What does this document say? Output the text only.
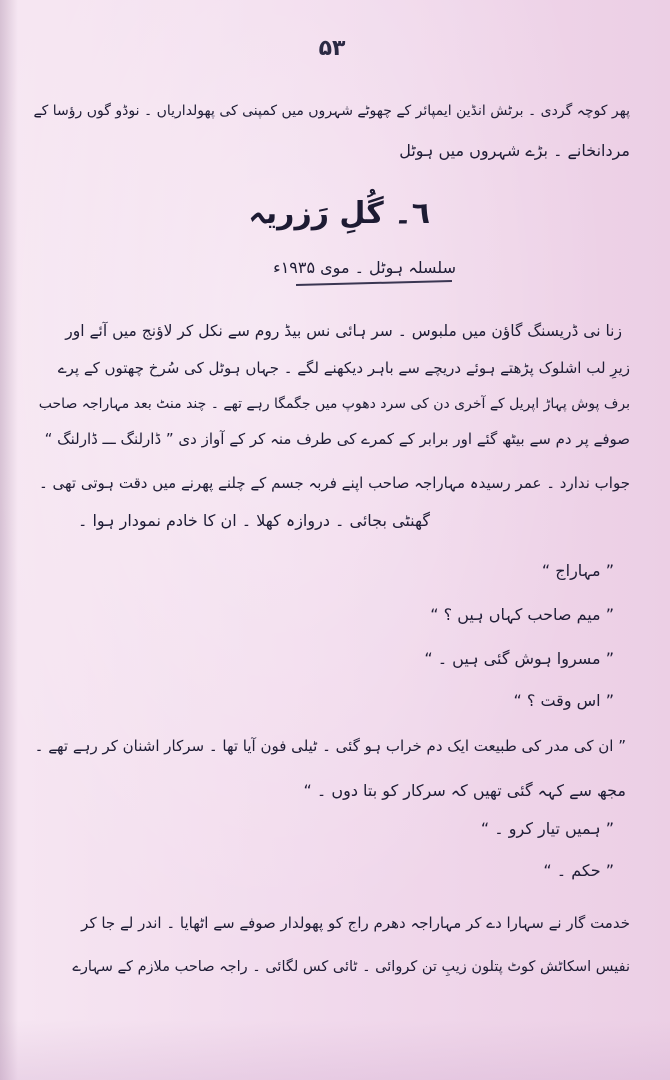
۵۳
پھر کوچہ گردی ۔ برٹش انڈین ایمپائر کے چھوٹے شہروں میں کمپنی کی پھولداریاں ۔ نوڈو گوں رؤسا کے
مردانخانے ۔ بڑے شہروں میں ہوٹل
٦۔ گُلِ رَزریہ
سلسلہ ہوٹل ۔ موی ۱۹۳۵ء
زنا نی ڈریسنگ گاؤن میں ملبوس ۔ سر ہائی نس بیڈ روم سے نکل کر لاؤنج میں آئے اور
زیرِ لب اشلوک پڑھتے ہوئے دریچے سے باہر دیکھنے لگے ۔ جہاں ہوٹل کی سُرخ چھتوں کے پرے
برف پوش پہاڑ اپریل کے آخری دن کی سرد دھوپ میں جگمگا رہے تھے ۔ چند منٹ بعد مہاراجہ صاحب
صوفے پر دم سے بیٹھ گئے اور برابر کے کمرے کی طرف منہ کر کے آواز دی ” ڈارلنگ ـــ ڈارلنگ “
جواب ندارد ۔ عمر رسیدہ مہاراجہ صاحب اپنے فربہ جسم کے چلنے پھرنے میں دقت ہوتی تھی ۔
گھنٹی بجائی ۔ دروازہ کھلا ۔ ان کا خادم نمودار ہوا ۔
” مہاراج “
” میم صاحب کہاں ہیں ؟ “
” مسروا ہوش گئی ہیں ۔ “
” اس وقت ؟ “
” ان کی مدر کی طبیعت ایک دم خراب ہو گئی ۔ ٹیلی فون آیا تھا ۔ سرکار اشنان کر رہے تھے ۔
مجھ سے کہہ گئی تھیں کہ سرکار کو بتا دوں ۔ “
” ہمیں تیار کرو ۔ “
” حکم ۔ “
خدمت گار نے سہارا دے کر مہاراجہ دھرم راج کو پھولدار صوفے سے اٹھایا ۔ اندر لے جا کر
نفیس اسکاٹش کوٹ پتلون زیبِ تن کروائی ۔ ٹائی کس لگائی ۔ راجہ صاحب ملازم کے سہارے
